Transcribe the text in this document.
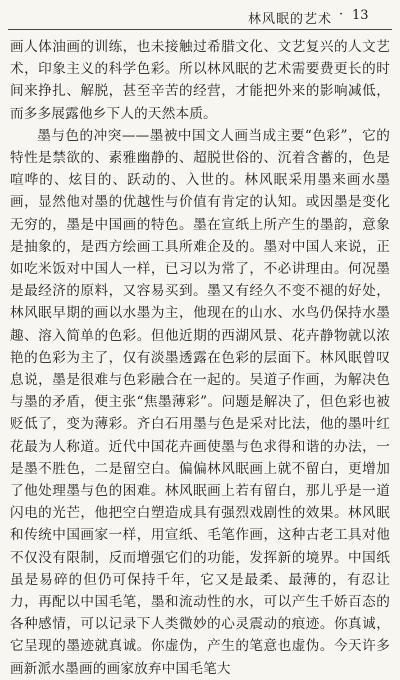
林风眠的艺术 · 13

画人体油画的训练，也未接触过希腊文化、文艺复兴的人文艺术，印象主义的科学色彩。所以林风眠的艺术需要费更长的时间来挣扎、解脱，甚至辛苦的经营，才能把外来的影响减低，而多多展露他乡下人的天然本质。

墨与色的冲突——墨被中国文人画当成主要“色彩”，它的特性是禁欲的、素雅幽静的、超脱世俗的、沉着含蓄的，色是喧哗的、炫目的、跃动的、入世的。林风眠采用墨来画水墨画，显然他对墨的优越性与价值有肯定的认知。或因墨是变化无穷的，墨是中国画的特色。墨在宣纸上所产生的墨韵，意象是抽象的，是西方绘画工具所难企及的。墨对中国人来说，正如吃米饭对中国人一样，已习以为常了，不必讲理由。何况墨是最经济的原料，又容易买到。墨又有经久不变不褪的好处，林风眠早期的画以水墨为主，他现在的山水、水鸟仍保持水墨趣、溶入简单的色彩。但他近期的西湖风景、花卉静物就以浓艳的色彩为主了，仅有淡墨透露在色彩的层面下。林风眠曾叹息说，墨是很难与色彩融合在一起的。吴道子作画，为解决色与墨的矛盾，便主张“焦墨薄彩”。问题是解决了，但色彩也被贬低了，变为薄彩。齐白石用墨与色是采对比法，他的墨叶红花最为人称道。近代中国花卉画使墨与色求得和谐的办法，一是墨不胜色，二是留空白。偏偏林风眠画上就不留白，更增加了他处理墨与色的困难。林风眠画上若有留白，那儿乎是一道闪电的光芒，他把空白塑造成具有强烈戏剧性的效果。林风眠和传统中国画家一样，用宣纸、毛笔作画，这种古老工具对他不仅没有限制，反而增强它们的功能，发挥新的境界。中国纸虽是易碎的但仍可保持千年，它又是最柔、最薄的，有忍让力，再配以中国毛笔，墨和流动性的水，可以产生千娇百态的各种感情，可以记录下人类微妙的心灵震动的痕迹。你真诚，它呈现的墨迹就真诚。你虚伪，产生的笔意也虚伪。今天许多画新派水墨画的画家放弃中国毛笔大
